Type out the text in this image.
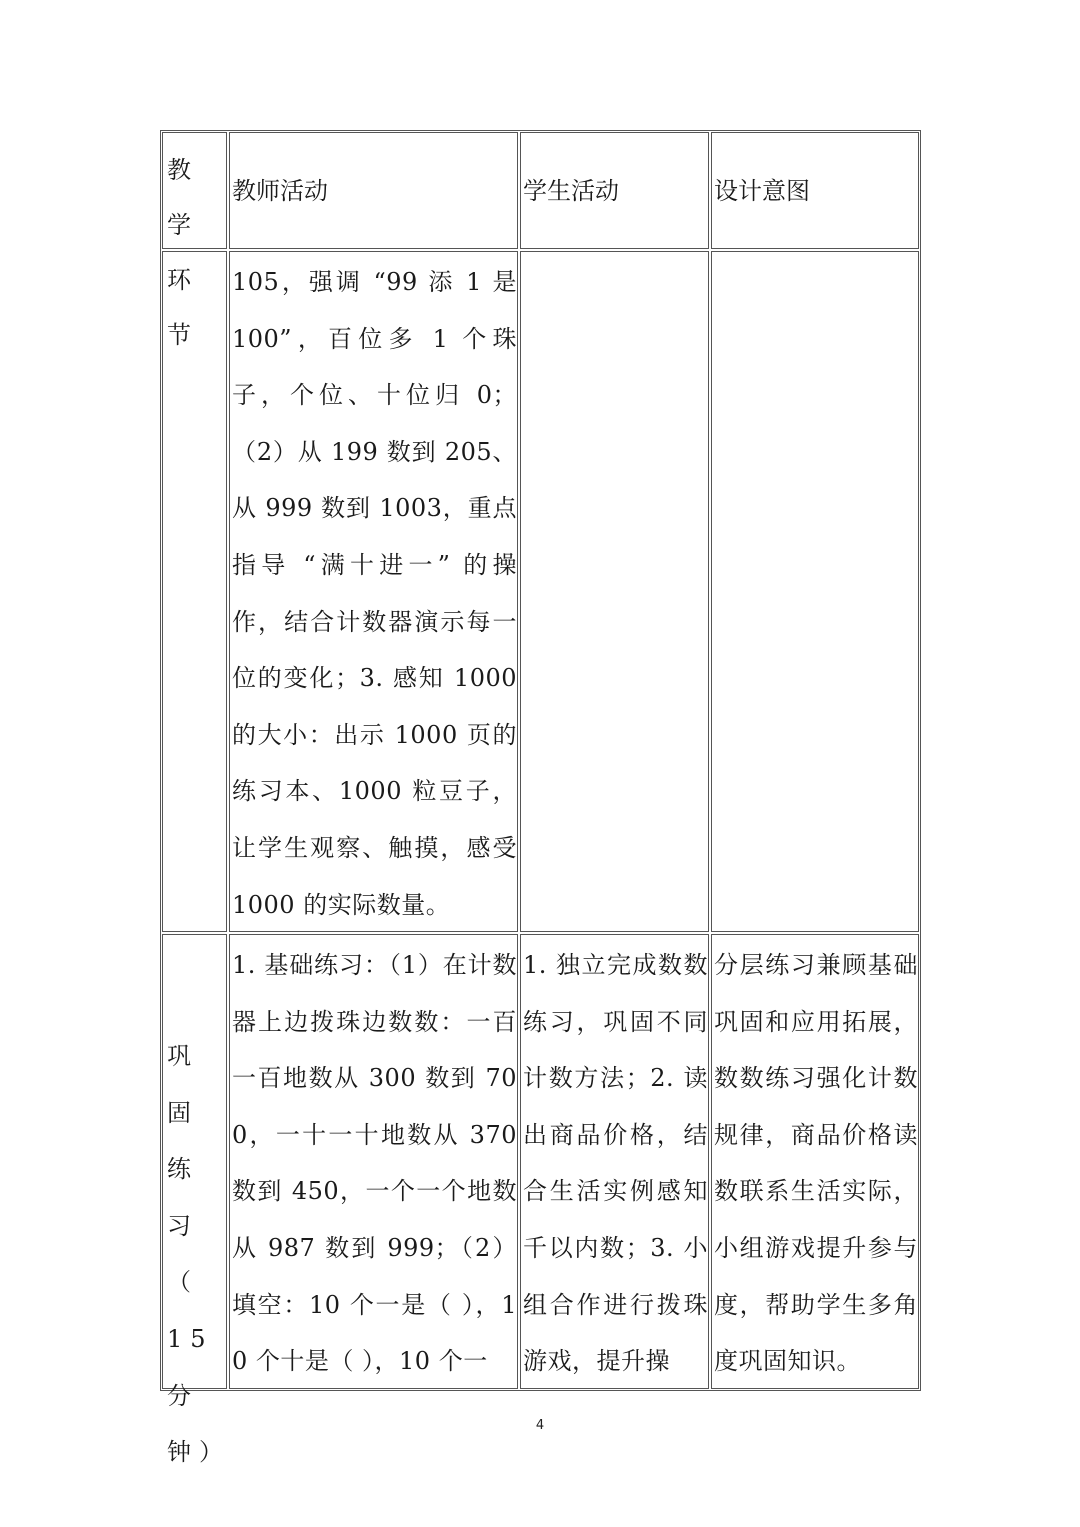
教 学 环节

教师活动	学生活动	设计意图

105，强调 “99 添 1 是 100”，百位多 1 个珠子，个位、十位归 0；（2）从 199 数到 205、从 999 数到 1003，重点指导 “满十进一” 的操作，结合计数器演示每一位的变化；3. 感知 1000 的大小：出示 1000 页的练习本、1000 粒豆子，让学生观察、触摸，感受 1000 的实际数量。

巩 固 练 习 （ 15 分 钟）

1. 基础练习：（1）在计数器上边拨珠边数数：一百一百地数从 300 数到 700，一十一十地数从 370 数到 450，一个一个地数从 987 数到 999；（2）填空：10 个一是（ ），10 个十是（ ），10 个一

1. 独立完成数数练习，巩固不同计数方法；2. 读出商品价格，结合生活实例感知千以内数；3. 小组合作进行拨珠游戏，提升操

分层练习兼顾基础巩固和应用拓展，数数练习强化计数规律，商品价格读数联系生活实际，小组游戏提升参与度，帮助学生多角度巩固知识。

4
